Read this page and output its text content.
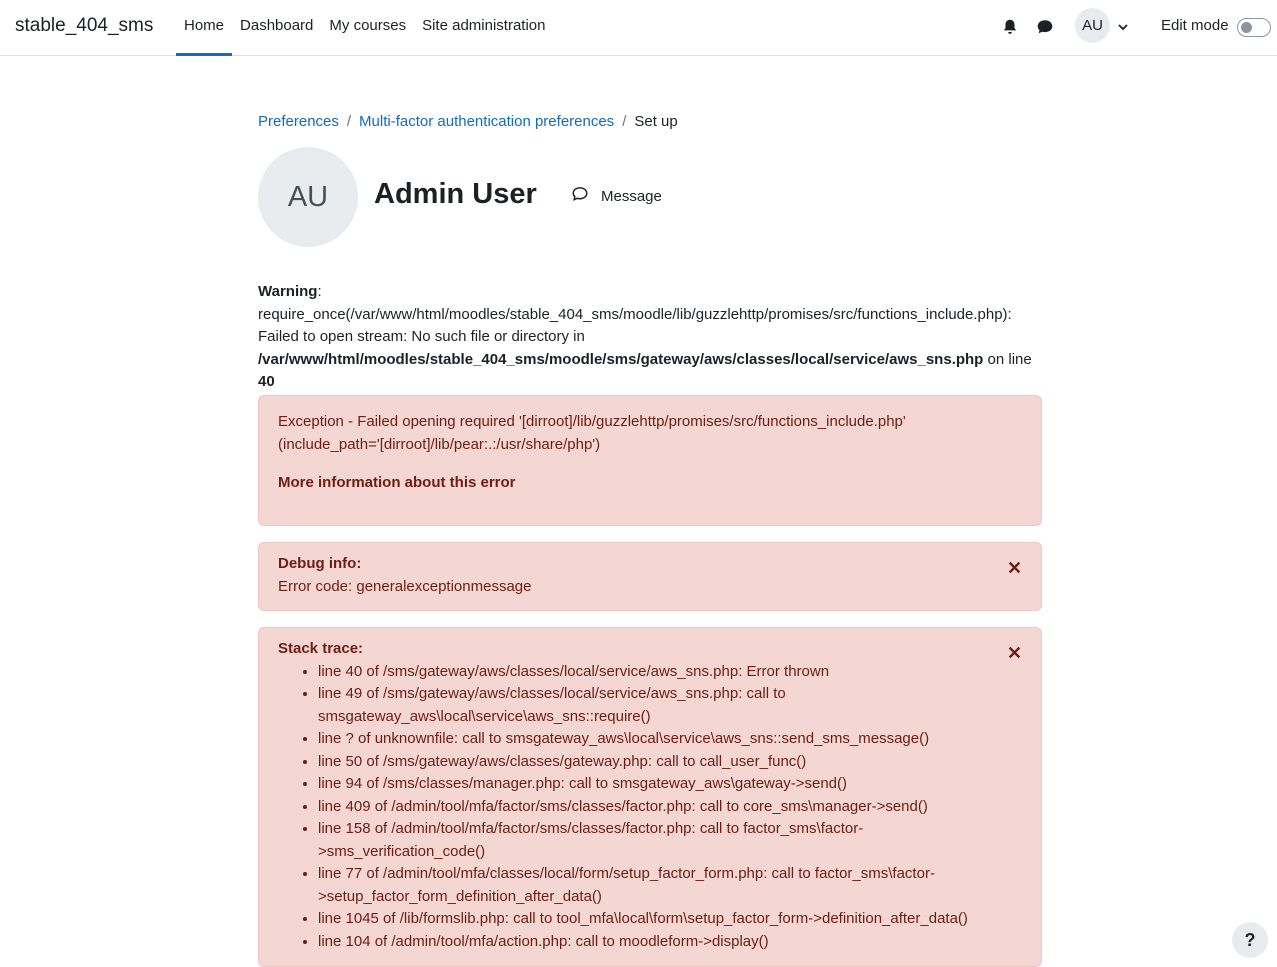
stable_404_sms	Home	Dashboard	My courses	Site administration	AU	Edit mode
Preferences / Multi-factor authentication preferences / Set up
AU	Admin User	Message
Warning:
require_once(/var/www/html/moodles/stable_404_sms/moodle/lib/guzzlehttp/promises/src/functions_include.php): Failed to open stream: No such file or directory in
/var/www/html/moodles/stable_404_sms/moodle/sms/gateway/aws/classes/local/service/aws_sns.php on line 40
Exception - Failed opening required '[dirroot]/lib/guzzlehttp/promises/src/functions_include.php' (include_path='[dirroot]/lib/pear:.:/usr/share/php')
More information about this error
Debug info:
Error code: generalexceptionmessage
Stack trace:
• line 40 of /sms/gateway/aws/classes/local/service/aws_sns.php: Error thrown
• line 49 of /sms/gateway/aws/classes/local/service/aws_sns.php: call to smsgateway_aws\local\service\aws_sns::require()
• line ? of unknownfile: call to smsgateway_aws\local\service\aws_sns::send_sms_message()
• line 50 of /sms/gateway/aws/classes/gateway.php: call to call_user_func()
• line 94 of /sms/classes/manager.php: call to smsgateway_aws\gateway->send()
• line 409 of /admin/tool/mfa/factor/sms/classes/factor.php: call to core_sms\manager->send()
• line 158 of /admin/tool/mfa/factor/sms/classes/factor.php: call to factor_sms\factor->sms_verification_code()
• line 77 of /admin/tool/mfa/classes/local/form/setup_factor_form.php: call to factor_sms\factor->setup_factor_form_definition_after_data()
• line 1045 of /lib/formslib.php: call to tool_mfa\local\form\setup_factor_form->definition_after_data()
• line 104 of /admin/tool/mfa/action.php: call to moodleform->display()	?
